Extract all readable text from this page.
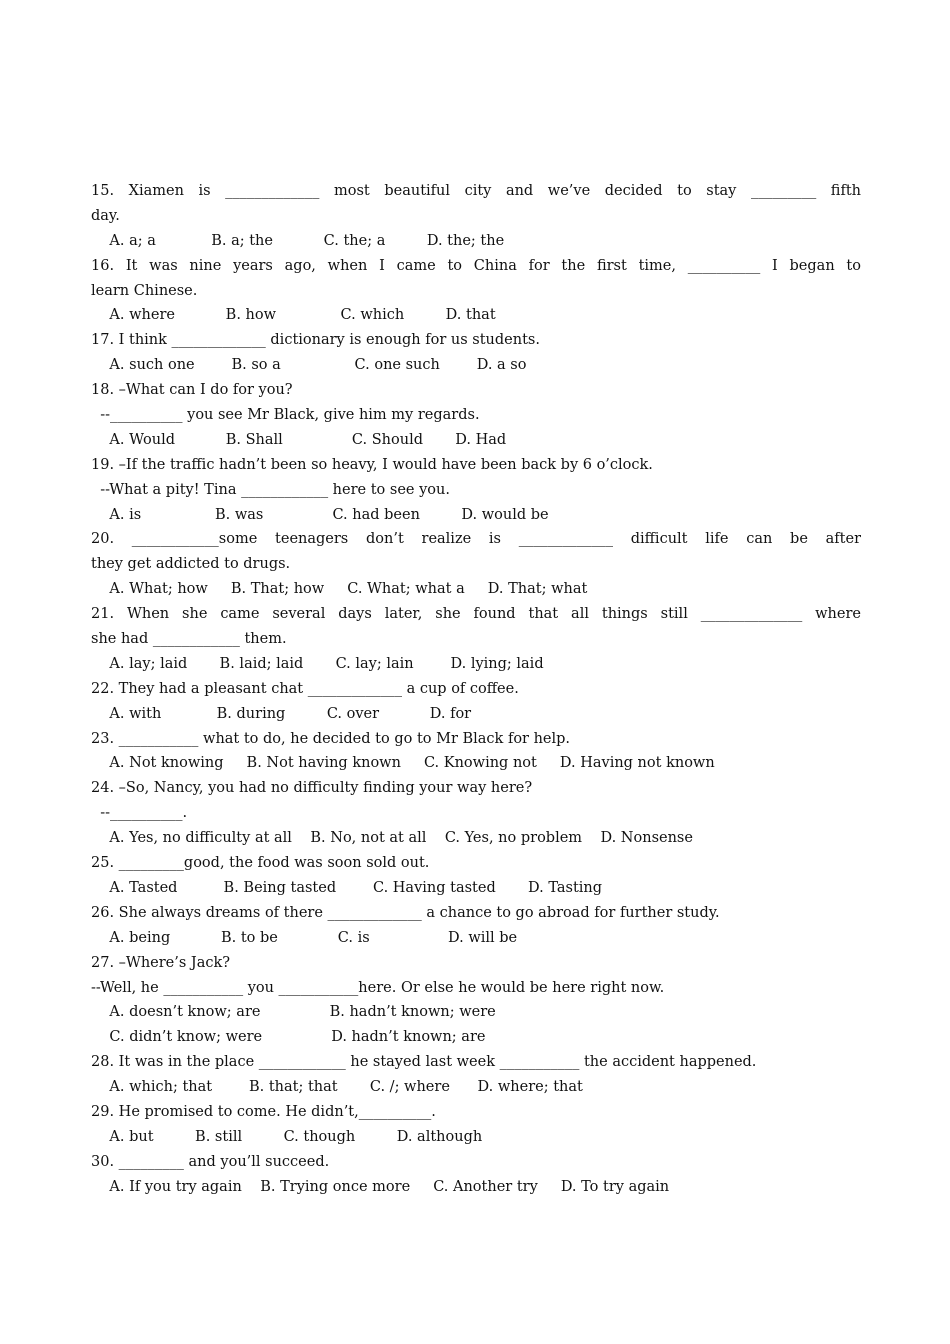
15. Xiamen is _____________ most beautiful city and we’ve decided to stay _________ fifth
day.
A. a; a            B. a; the           C. the; a         D. the; the
16. It was nine years ago, when I came to China for the first time, __________ I began to
learn Chinese.
A. where           B. how              C. which         D. that
17. I think _____________ dictionary is enough for us students.
A. such one        B. so a                C. one such        D. a so
18. –What can I do for you?
--__________ you see Mr Black, give him my regards.
A. Would           B. Shall               C. Should       D. Had
19. –If the traffic hadn’t been so heavy, I would have been back by 6 o’clock.
--What a pity! Tina ____________ here to see you.
A. is                B. was               C. had been         D. would be
20. ____________some teenagers don’t realize is _____________ difficult life can be after
they get addicted to drugs.
A. What; how     B. That; how     C. What; what a     D. That; what
21. When she came several days later, she found that all things still ______________ where
she had ____________ them.
A. lay; laid       B. laid; laid       C. lay; lain        D. lying; laid
22. They had a pleasant chat _____________ a cup of coffee.
A. with            B. during         C. over           D. for
23. ___________ what to do, he decided to go to Mr Black for help.
A. Not knowing     B. Not having known     C. Knowing not     D. Having not known
24. –So, Nancy, you had no difficulty finding your way here?
--__________.
A. Yes, no difficulty at all    B. No, not at all    C. Yes, no problem    D. Nonsense
25. _________good, the food was soon sold out.
A. Tasted          B. Being tasted        C. Having tasted       D. Tasting
26. She always dreams of there _____________ a chance to go abroad for further study.
A. being           B. to be             C. is                 D. will be
27. –Where’s Jack?
--Well, he ___________ you ___________here. Or else he would be here right now.
A. doesn’t know; are               B. hadn’t known; were
C. didn’t know; were               D. hadn’t known; are
28. It was in the place ____________ he stayed last week ___________ the accident happened.
A. which; that        B. that; that       C. /; where      D. where; that
29. He promised to come. He didn’t,__________.
A. but         B. still         C. though         D. although
30. _________ and you’ll succeed.
A. If you try again    B. Trying once more     C. Another try     D. To try again
